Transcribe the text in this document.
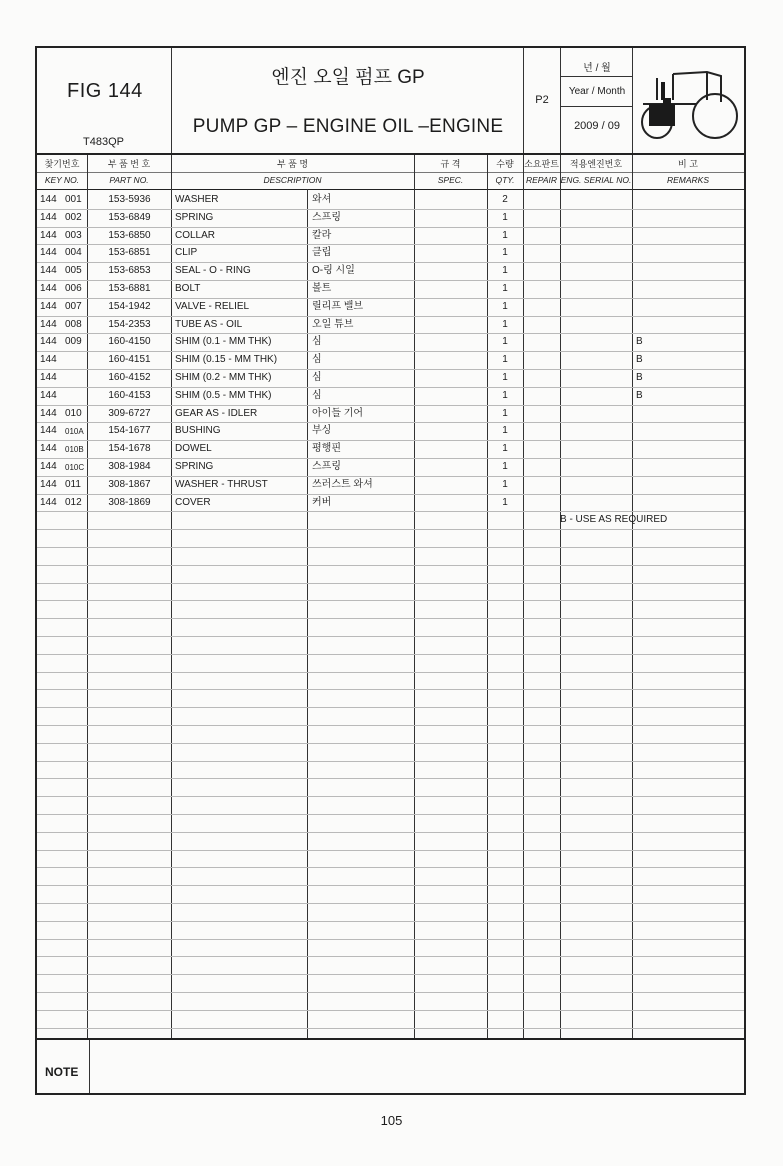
FIG 144
T483QP
엔진 오일 펌프 GP
PUMP GP – ENGINE OIL –ENGINE
P2
년 / 월
Year / Month
2009 / 09
찾기번호
KEY NO.
부 품 번 호
PART NO.
부 품 명
DESCRIPTION
규 격
SPEC.
수량
QTY.
소요판트
REPAIR
적용엔진번호
ENG. SERIAL NO.
비 고
REMARKS
144 001	153-5936	WASHER	와셔	2
144 002	153-6849	SPRING	스프링	1
144 003	153-6850	COLLAR	칼라	1
144 004	153-6851	CLIP	클립	1
144 005	153-6853	SEAL - O - RING	O-링 시일	1
144 006	153-6881	BOLT	볼트	1
144 007	154-1942	VALVE - RELIEL	릴리프 밸브	1
144 008	154-2353	TUBE AS - OIL	오일 튜브	1
144 009	160-4150	SHIM (0.1 - MM THK)	심	1	B
144	160-4151	SHIM (0.15 - MM THK)	심	1	B
144	160-4152	SHIM (0.2 - MM THK)	심	1	B
144	160-4153	SHIM (0.5 - MM THK)	심	1	B
144 010	309-6727	GEAR AS - IDLER	아이들 기어	1
144	010A	154-1677	BUSHING	부싱	1
144	010B	154-1678	DOWEL	평행핀	1
144	010C	308-1984	SPRING	스프링	1
144 011	308-1867	WASHER - THRUST	쓰러스트 와셔	1
144 012	308-1869	COVER	커버	1
B - USE AS REQUIRED
NOTE
105
